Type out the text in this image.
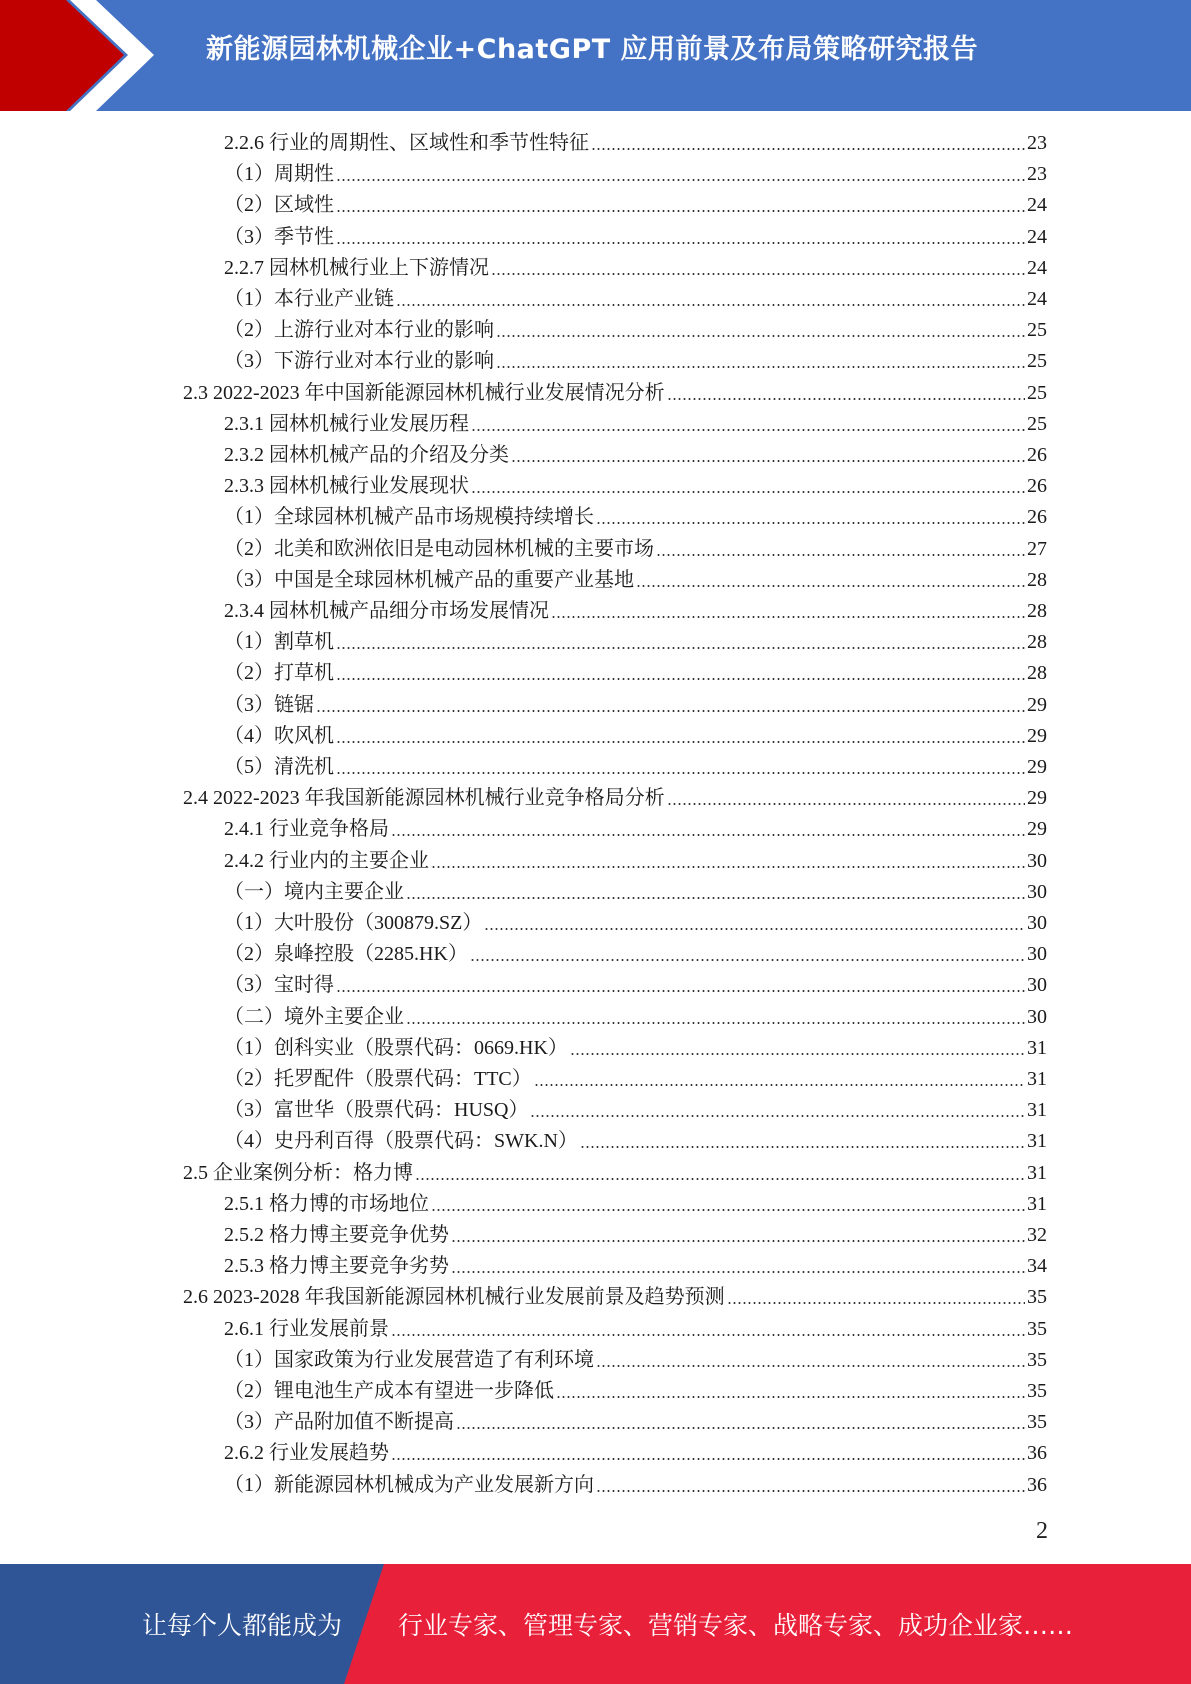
新能源园林机械企业+ChatGPT 应用前景及布局策略研究报告
2.2.6 行业的周期性、区域性和季节性特征	23
（1）周期性	23
（2）区域性	24
（3）季节性	24
2.2.7 园林机械行业上下游情况	24
（1）本行业产业链	24
（2）上游行业对本行业的影响	25
（3）下游行业对本行业的影响	25
2.3 2022-2023 年中国新能源园林机械行业发展情况分析	25
2.3.1 园林机械行业发展历程	25
2.3.2 园林机械产品的介绍及分类	26
2.3.3 园林机械行业发展现状	26
（1）全球园林机械产品市场规模持续增长	26
（2）北美和欧洲依旧是电动园林机械的主要市场	27
（3）中国是全球园林机械产品的重要产业基地	28
2.3.4 园林机械产品细分市场发展情况	28
（1）割草机	28
（2）打草机	28
（3）链锯	29
（4）吹风机	29
（5）清洗机	29
2.4 2022-2023 年我国新能源园林机械行业竞争格局分析	29
2.4.1 行业竞争格局	29
2.4.2 行业内的主要企业	30
（一）境内主要企业	30
（1）大叶股份（300879.SZ）	30
（2）泉峰控股（2285.HK）	30
（3）宝时得	30
（二）境外主要企业	30
（1）创科实业（股票代码：0669.HK）	31
（2）托罗配件（股票代码：TTC）	31
（3）富世华（股票代码：HUSQ）	31
（4）史丹利百得（股票代码：SWK.N）	31
2.5 企业案例分析：格力博	31
2.5.1 格力博的市场地位	31
2.5.2 格力博主要竞争优势	32
2.5.3 格力博主要竞争劣势	34
2.6 2023-2028 年我国新能源园林机械行业发展前景及趋势预测	35
2.6.1 行业发展前景	35
（1）国家政策为行业发展营造了有利环境	35
（2）锂电池生产成本有望进一步降低	35
（3）产品附加值不断提高	35
2.6.2 行业发展趋势	36
（1）新能源园林机械成为产业发展新方向	36
2
让每个人都能成为 行业专家、管理专家、营销专家、战略专家、成功企业家……
